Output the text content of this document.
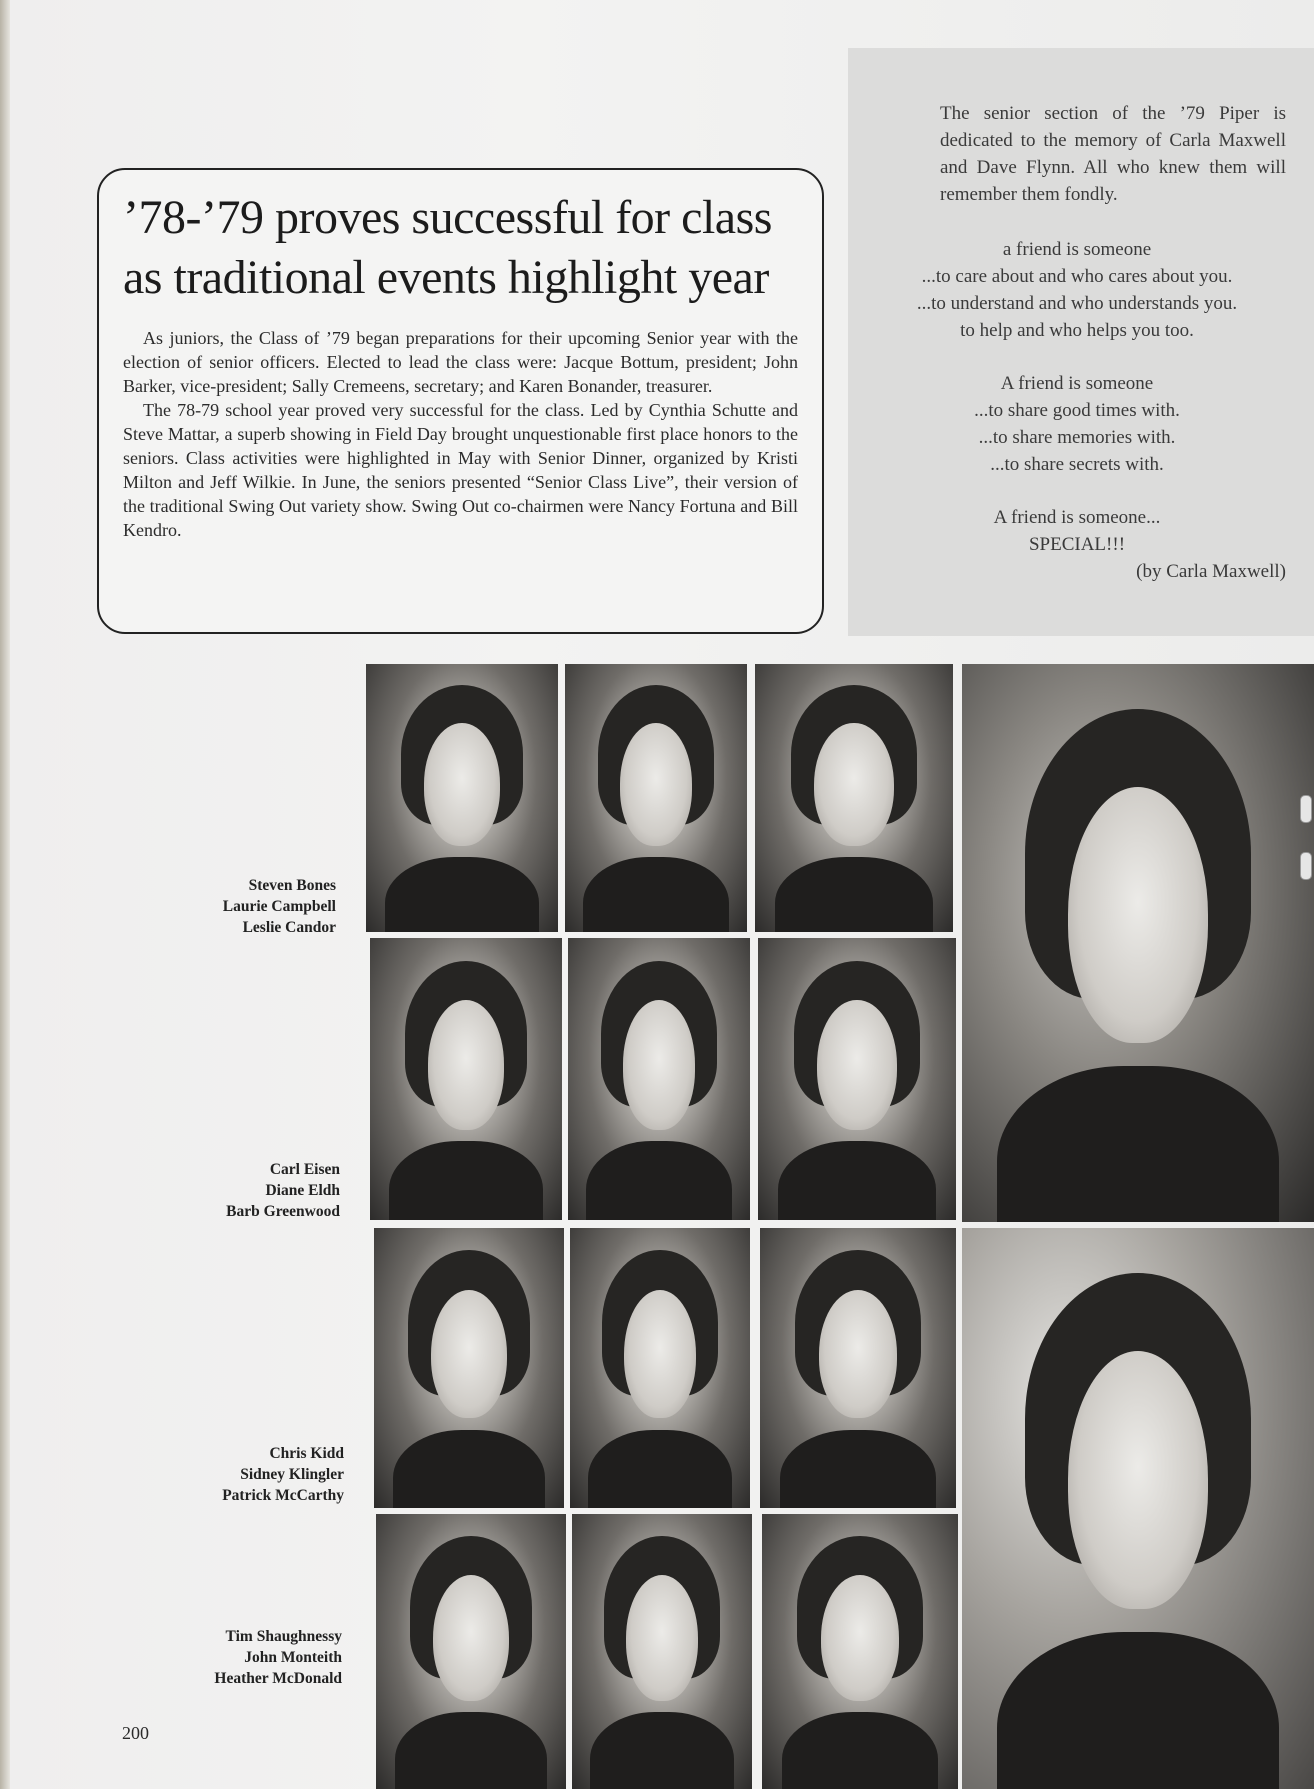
’78-’79 proves successful for class
as traditional events highlight year

As juniors, the Class of ’79 began preparations for their upcoming Senior year with the election of senior officers. Elected to lead the class were: Jacque Bottum, president; John Barker, vice-president; Sally Cremeens, secretary; and Karen Bonander, treasurer.

The 78-79 school year proved very successful for the class. Led by Cynthia Schutte and Steve Mattar, a superb showing in Field Day brought unquestionable first place honors to the seniors. Class activities were highlighted in May with Senior Dinner, organized by Kristi Milton and Jeff Wilkie. In June, the seniors presented “Senior Class Live”, their version of the traditional Swing Out variety show. Swing Out co-chairmen were Nancy Fortuna and Bill Kendro.

The senior section of the ’79 Piper is dedicated to the memory of Carla Maxwell and Dave Flynn. All who knew them will remember them fondly.

a friend is someone
...to care about and who cares about you.
...to understand and who understands you.
to help and who helps you too.
A friend is someone
...to share good times with.
...to share memories with.
...to share secrets with.
A friend is someone...
SPECIAL!!!
(by Carla Maxwell)
Steven Bones
Laurie Campbell
Leslie Candor
Carl Eisen
Diane Eldh
Barb Greenwood
Chris Kidd
Sidney Klingler
Patrick McCarthy
Tim Shaughnessy
John Monteith
Heather McDonald
200
